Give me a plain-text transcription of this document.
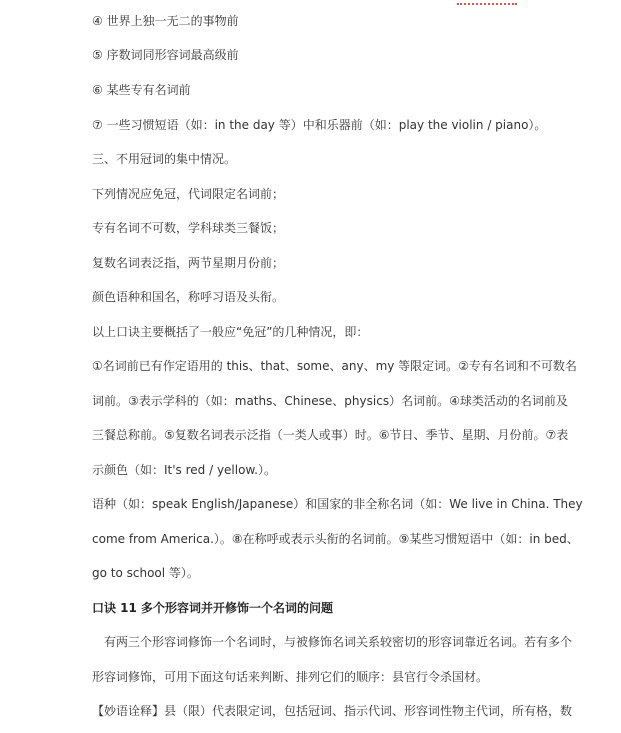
④ 世界上独一无二的事物前
⑤ 序数词同形容词最高级前
⑥ 某些专有名词前
⑦ 一些习惯短语（如：in the day 等）中和乐器前（如：play the violin / piano）。
三、不用冠词的集中情况。
下列情况应免冠，代词限定名词前；
专有名词不可数，学科球类三餐饭；
复数名词表泛指，两节星期月份前；
颜色语种和国名，称呼习语及头衔。
以上口诀主要概括了一般应“免冠”的几种情况，即：
①名词前已有作定语用的 this、that、some、any、my 等限定词。②专有名词和不可数名
词前。③表示学科的（如：maths、Chinese、physics）名词前。④球类活动的名词前及
三餐总称前。⑤复数名词表示泛指（一类人或事）时。⑥节日、季节、星期、月份前。⑦表
示颜色（如：It's red / yellow.）。
语种（如：speak English/Japanese）和国家的非全称名词（如：We live in China. They
come from America.）。⑧在称呼或表示头衔的名词前。⑨某些习惯短语中（如：in bed、
go to school 等）。
口诀 11 多个形容词并开修饰一个名词的问题
有两三个形容词修饰一个名词时，与被修饰名词关系较密切的形容词靠近名词。若有多个
形容词修饰，可用下面这句话来判断、排列它们的顺序：县官行令杀国材。
【妙语诠释】县（限）代表限定词，包括冠词、指示代词、形容词性物主代词，所有格，数
